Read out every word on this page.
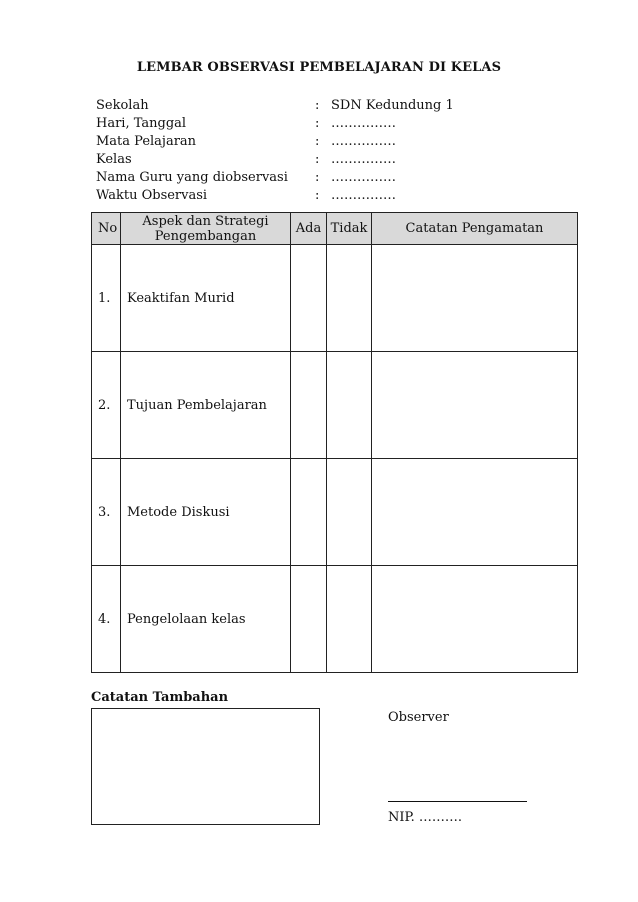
LEMBAR OBSERVASI PEMBELAJARAN DI KELAS
Sekolah	: SDN Kedundung 1
Hari, Tanggal	: ……………
Mata Pelajaran	: ……………
Kelas	: ……………
Nama Guru yang diobservasi	: ……………
Waktu Observasi	: ……………
No	Aspek dan Strategi Pengembangan	Ada	Tidak	Catatan Pengamatan
1.	Keaktifan Murid			
2.	Tujuan Pembelajaran			
3.	Metode Diskusi			
4.	Pengelolaan kelas			
Catatan Tambahan
Observer
NIP. ……….
